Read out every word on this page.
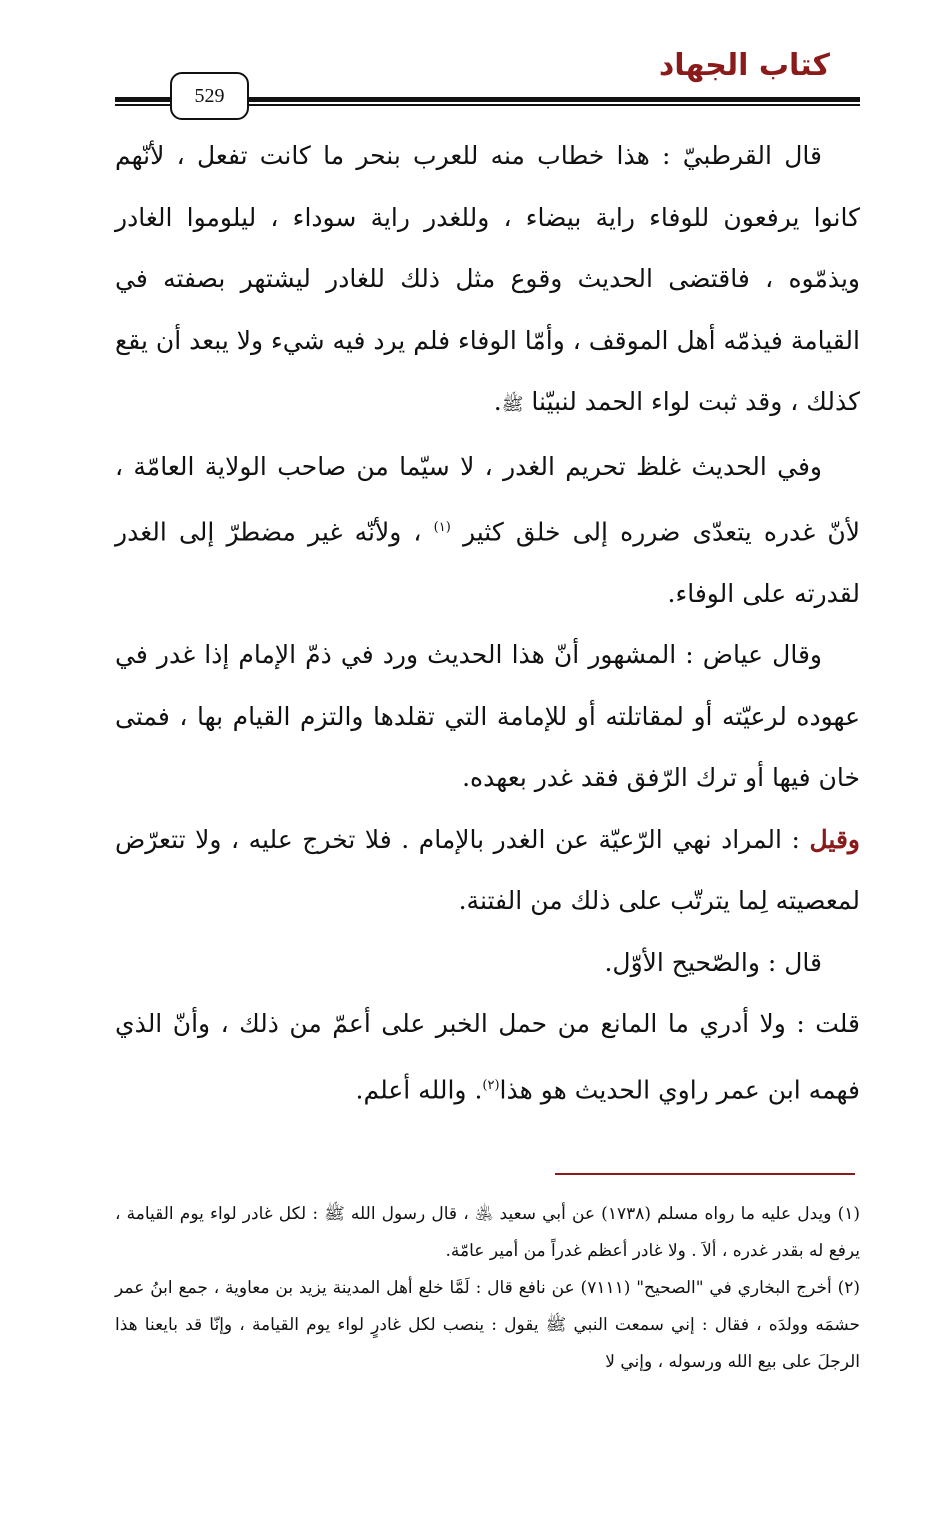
كتاب الجهاد
529

قال القرطبيّ : هذا خطاب منه للعرب بنحر ما كانت تفعل ، لأنّهم كانوا يرفعون للوفاء راية بيضاء ، وللغدر راية سوداء ، ليلوموا الغادر ويذمّوه ، فاقتضى الحديث وقوع مثل ذلك للغادر ليشتهر بصفته في القيامة فيذمّه أهل الموقف ، وأمّا الوفاء فلم يرد فيه شيء ولا يبعد أن يقع كذلك ، وقد ثبت لواء الحمد لنبيّنا ﷺ.

وفي الحديث غلظ تحريم الغدر ، لا سيّما من صاحب الولاية العامّة ، لأنّ غدره يتعدّى ضرره إلى خلق كثير $^{(١)}$ ، ولأنّه غير مضطرّ إلى الغدر لقدرته على الوفاء.

وقال عياض : المشهور أنّ هذا الحديث ورد في ذمّ الإمام إذا غدر في عهوده لرعيّته أو لمقاتلته أو للإمامة التي تقلدها والتزم القيام بها ، فمتى خان فيها أو ترك الرّفق فقد غدر بعهده.

وقيل : المراد نهي الرّعيّة عن الغدر بالإمام . فلا تخرج عليه ، ولا تتعرّض لمعصيته لِما يترتّب على ذلك من الفتنة.

قال : والصّحيح الأوّل.

قلت : ولا أدري ما المانع من حمل الخبر على أعمّ من ذلك ، وأنّ الذي فهمه ابن عمر راوي الحديث هو هذا$^{(٢)}$. والله أعلم.

(١) ويدل عليه ما رواه مسلم (١٧٣٨) عن أبي سعيد ﵁ ، قال رسول الله ﷺ : لكل غادر لواء يوم القيامة ، يرفع له بقدر غدره ، ألاَ . ولا غادر أعظم غدراً من أمير عامّة.

(٢) أخرج البخاري في "الصحيح" (٧١١١) عن نافع قال : لَمَّا خلع أهل المدينة يزيد بن معاوية ، جمع ابنُ عمر حشمَه وولدَه ، فقال : إني سمعت النبي ﷺ يقول : ينصب لكل غادرٍ لواء يوم القيامة ، وإنّا قد بايعنا هذا الرجلَ على بيع الله ورسوله ، وإني لا
